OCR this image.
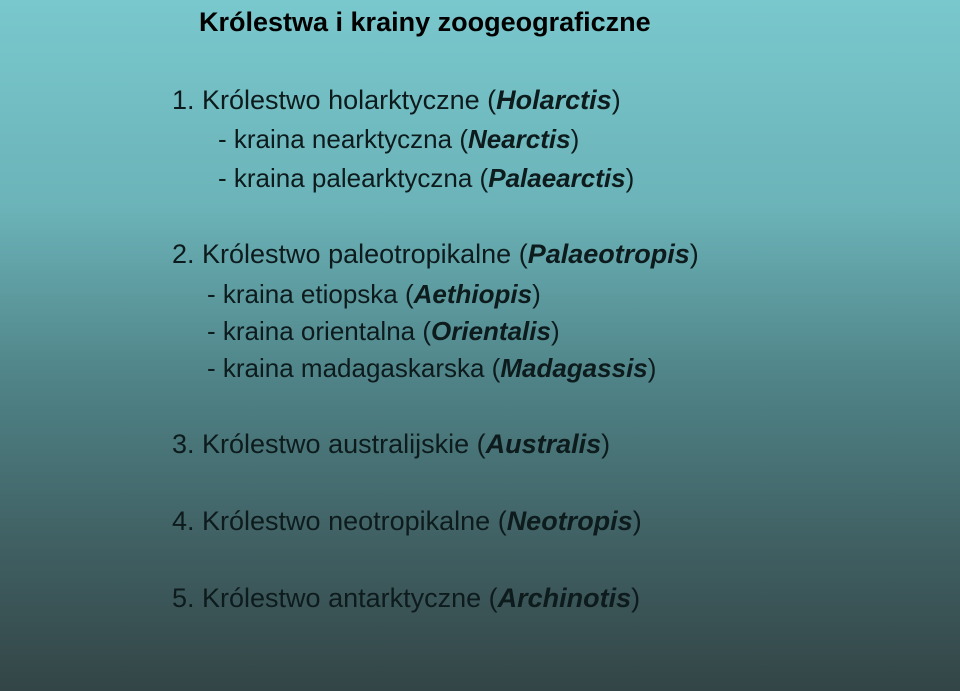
Królestwa i krainy zoogeograficzne
1. Królestwo holarktyczne (Holarctis)
- kraina nearktyczna (Nearctis)
- kraina palearktyczna (Palaearctis)
2. Królestwo paleotropikalne (Palaeotropis)
- kraina etiopska (Aethiopis)
- kraina orientalna (Orientalis)
- kraina madagaskarska (Madagassis)
3. Królestwo australijskie (Australis)
4. Królestwo neotropikalne (Neotropis)
5. Królestwo antarktyczne (Archinotis)
